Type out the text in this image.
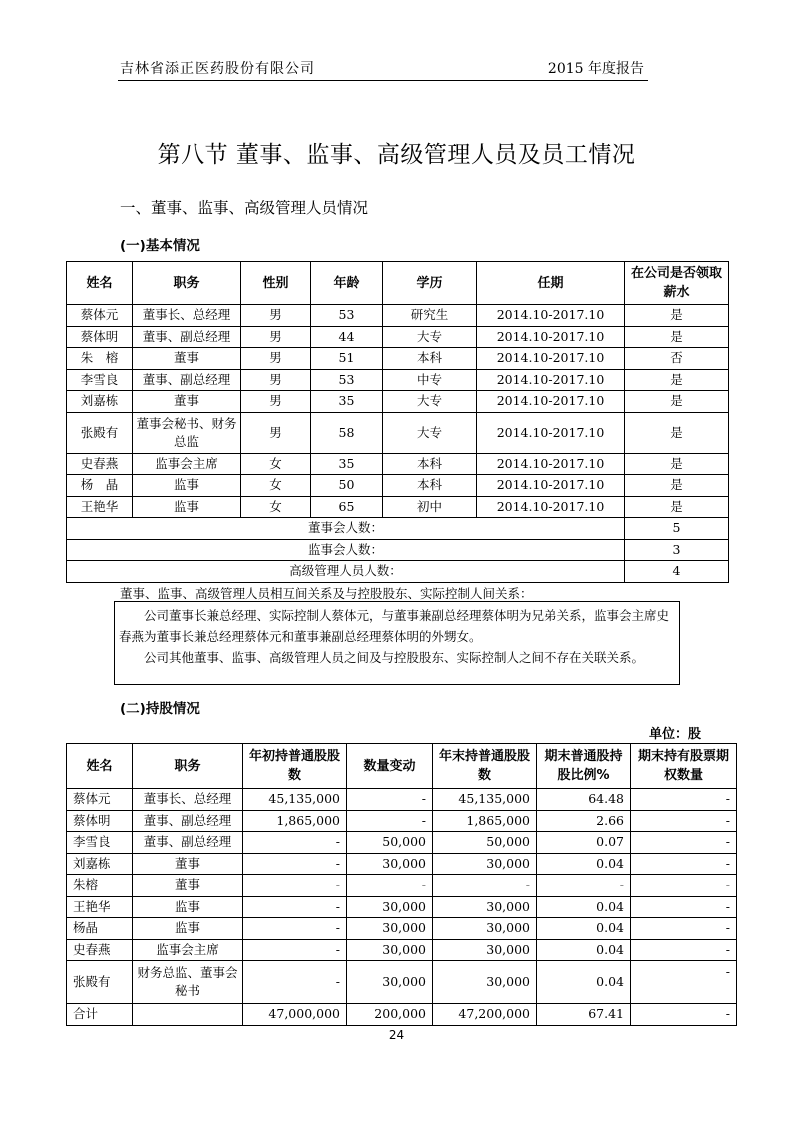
吉林省添正医药股份有限公司	2015 年度报告
第八节 董事、监事、高级管理人员及员工情况
一、董事、监事、高级管理人员情况
(一)基本情况
姓名	职务	性别	年龄	学历	任期	在公司是否领取薪水
蔡体元	董事长、总经理	男	53	研究生	2014.10-2017.10	是
蔡体明	董事、副总经理	男	44	大专	2014.10-2017.10	是
朱　榕	董事	男	51	本科	2014.10-2017.10	否
李雪良	董事、副总经理	男	53	中专	2014.10-2017.10	是
刘嘉栋	董事	男	35	大专	2014.10-2017.10	是
张殿有	董事会秘书、财务总监	男	58	大专	2014.10-2017.10	是
史春燕	监事会主席	女	35	本科	2014.10-2017.10	是
杨　晶	监事	女	50	本科	2014.10-2017.10	是
王艳华	监事	女	65	初中	2014.10-2017.10	是
董事会人数：						5
监事会人数：						3
高级管理人员人数：						4
董事、监事、高级管理人员相互间关系及与控股股东、实际控制人间关系：

公司董事长兼总经理、实际控制人蔡体元，与董事兼副总经理蔡体明为兄弟关系，监事会主席史春燕为董事长兼总经理蔡体元和董事兼副总经理蔡体明的外甥女。

公司其他董事、监事、高级管理人员之间及与控股股东、实际控制人之间不存在关联关系。

(二)持股情况
单位：股
姓名	职务	年初持普通股股数	数量变动	年末持普通股股数	期末普通股持股比例%	期末持有股票期权数量
蔡体元	董事长、总经理	45,135,000	-	45,135,000	64.48	-
蔡体明	董事、副总经理	1,865,000	-	1,865,000	2.66	-
李雪良	董事、副总经理	-	50,000	50,000	0.07	-
刘嘉栋	董事	-	30,000	30,000	0.04	-
朱榕	董事	-	-	-	-	-
王艳华	监事	-	30,000	30,000	0.04	-
杨晶	监事	-	30,000	30,000	0.04	-
史春燕	监事会主席	-	30,000	30,000	0.04	-
张殿有	财务总监、董事会秘书	-	30,000	30,000	0.04	-
合计		47,000,000	200,000	47,200,000	67.41	-
24
